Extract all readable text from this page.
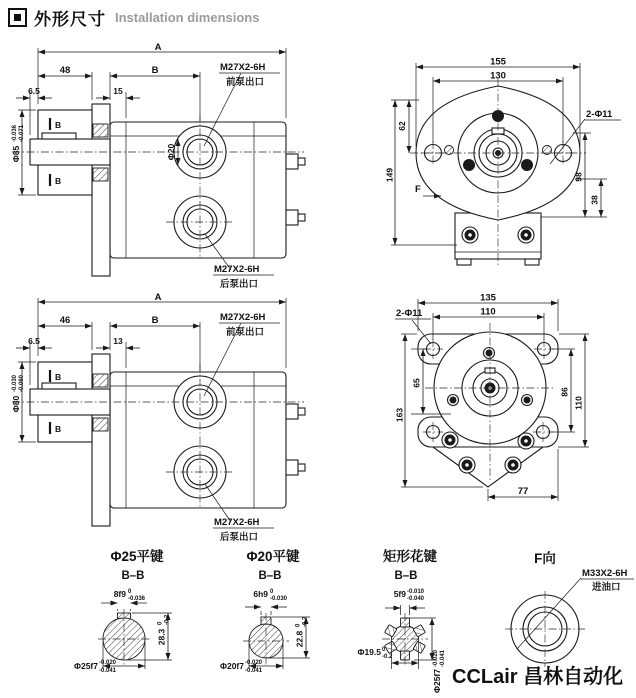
外形尺寸 Installation dimensions
B
B
M27X2-6H
前泵出口
M27X2-6H
后泵出口
A
48	B
6.5	15
Φ20
Φ85
-0.036 -0.071
155
130
62
149	98
38
2-Φ11
F
B
B
M27X2-6H
前泵出口
M27X2-6H
后泵出口
A
46	B
6.5	13
Φ80
-0.030 -0.060
135
110
2-Φ11
65
163
86
110
77
Φ25平键
B–B
8f9 0
-0.036
28.3
0 -0.2
Φ25f7 -0.020
-0.041
Φ20平键
B–B
6h9 0
-0.030
22.8
0 -0.2
Φ20f7 -0.020
-0.041
矩形花键
B–B
5f9 -0.010
-0.040
Φ19.5 0
-0.2
Φ25f7
-0.020 -0.041
F向
M33X2-6H
进油口
CCLair 昌林自动化
